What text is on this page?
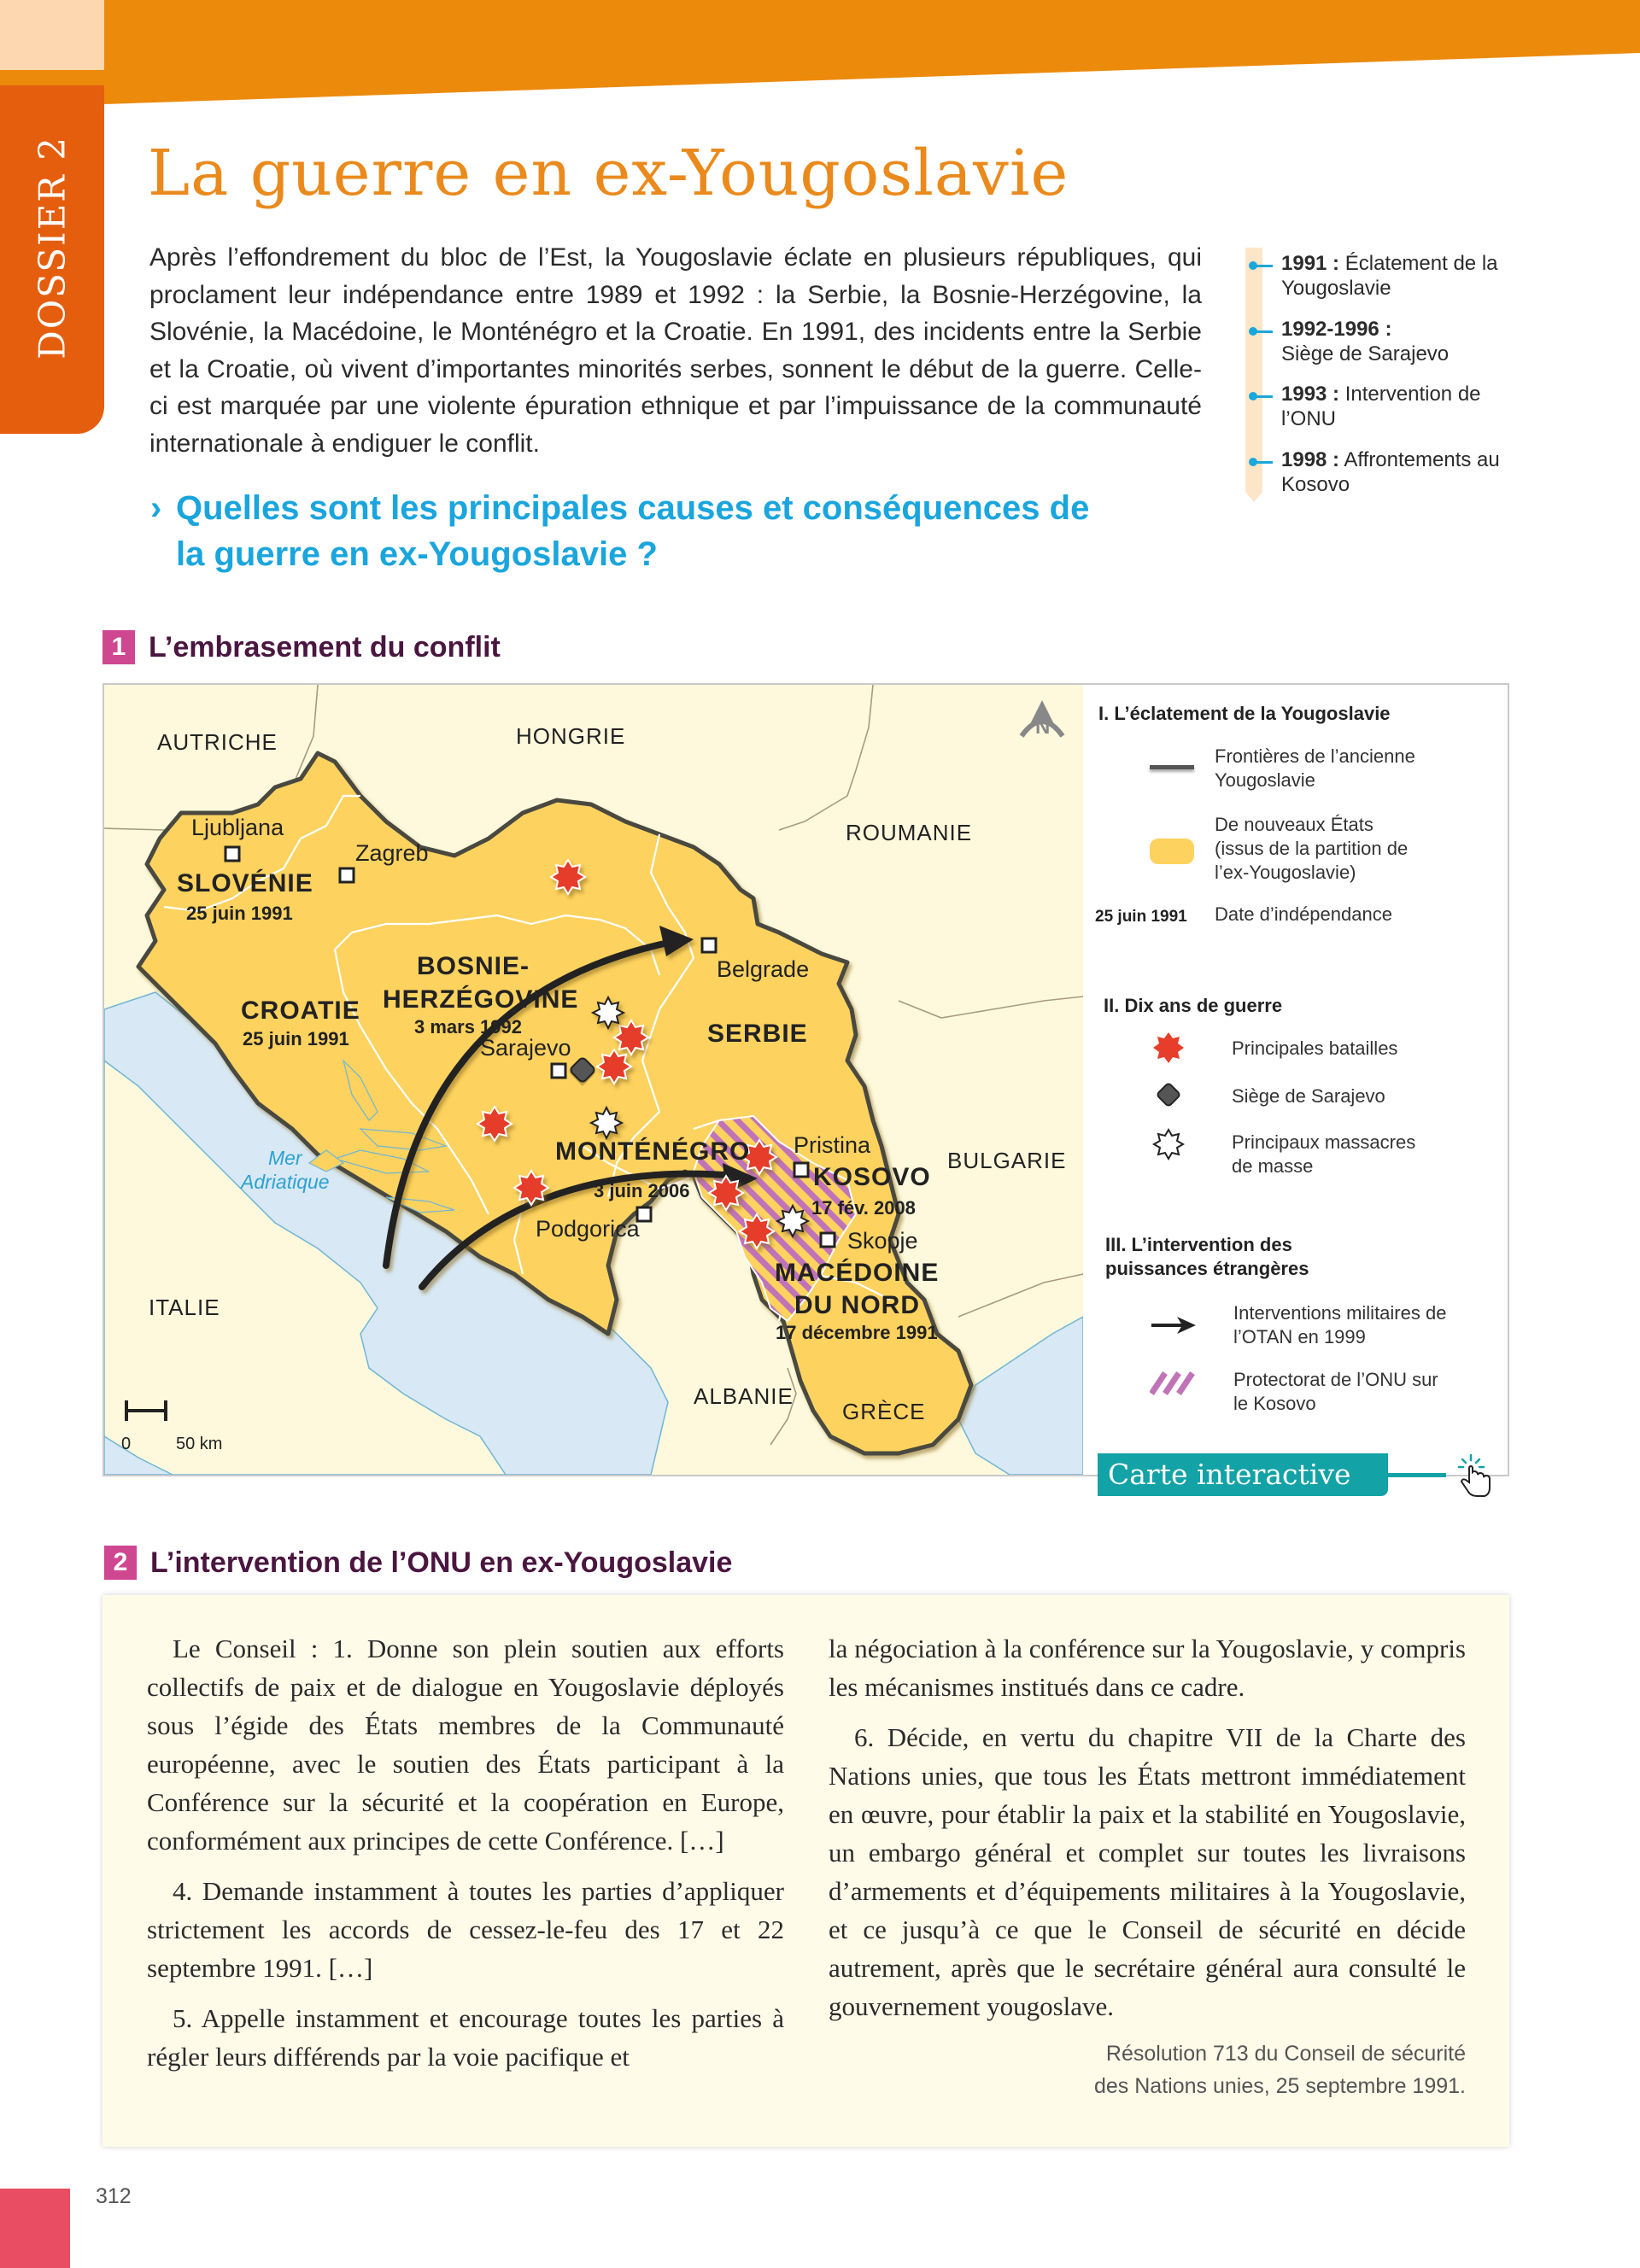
DOSSIER 2 La guerre en ex-Yougoslavie

Après l’effondrement du bloc de l’Est, la Yougoslavie éclate en plusieurs républiques, qui proclament leur indépendance entre 1989 et 1992 : la Serbie, la Bosnie-Herzégovine, la Slovénie, la Macédoine, le Monténégro et la Croatie. En 1991, des incidents entre la Serbie et la Croatie, où vivent d’importantes minorités serbes, sonnent le début de la guerre. Celle-ci est marquée par une violente épuration ethnique et par l’impuissance de la communauté internationale à endiguer le conflit.

1991 : Éclatement de la Yougoslavie
1992-1996 :
Siège de Sarajevo
1993 : Intervention de l’ONU
1998 : Affrontements au Kosovo
› Quelles sont les principales causes et conséquences de la guerre en ex-Yougoslavie ?
1 L’embrasement du conflit
AUTRICHE	HONGRIE
ROUMANIE
BULGARIE
ITALIE
ALBANIE
GRÈCE
Ljubljana
SLOVÉNIE
25 juin 1991
Zagreb
CROATIE
25 juin 1991
BOSNIE-
HERZÉGOVINE
3 mars 1992
Sarajevo
Belgrade
SERBIE
MONTÉNÉGRO
3 juin 2006
Podgorica
Pristina
KOSOVO
17 fév. 2008
Skopje
MACÉDOINE
DU NORD
17 décembre 1991
Mer
Adriatique
N
0	50 km
I. L’éclatement de la Yougoslavie
Frontières de l’ancienne Yougoslavie
De nouveaux États (issus de la partition de l’ex-Yougoslavie)
25 juin 1991 Date d’indépendance
II. Dix ans de guerre
Principales batailles
Siège de Sarajevo
Principaux massacres de masse
III. L’intervention des puissances étrangères
Interventions militaires de l’OTAN en 1999
Protectorat de l’ONU sur le Kosovo
Carte interactive
2 L’intervention de l’ONU en ex-Yougoslavie

Le Conseil : 1. Donne son plein soutien aux efforts collectifs de paix et de dialogue en Yougoslavie déployés sous l’égide des États membres de la Communauté européenne, avec le soutien des États participant à la Conférence sur la sécurité et la coopération en Europe, conformément aux principes de cette Conférence. […]

4. Demande instamment à toutes les parties d’appliquer strictement les accords de cessez-le-feu des 17 et 22 septembre 1991. […]

5. Appelle instamment et encourage toutes les parties à régler leurs différends par la voie pacifique et

la négociation à la conférence sur la Yougoslavie, y compris les mécanismes institués dans ce cadre.

6. Décide, en vertu du chapitre VII de la Charte des Nations unies, que tous les États mettront immédiatement en œuvre, pour établir la paix et la stabilité en Yougoslavie, un embargo général et complet sur toutes les livraisons d’armements et d’équipements militaires à la Yougoslavie, et ce jusqu’à ce que le Conseil de sécurité en décide autrement, après que le secrétaire général aura consulté le gouvernement yougoslave.

Résolution 713 du Conseil de sécurité
des Nations unies, 25 septembre 1991.
312
